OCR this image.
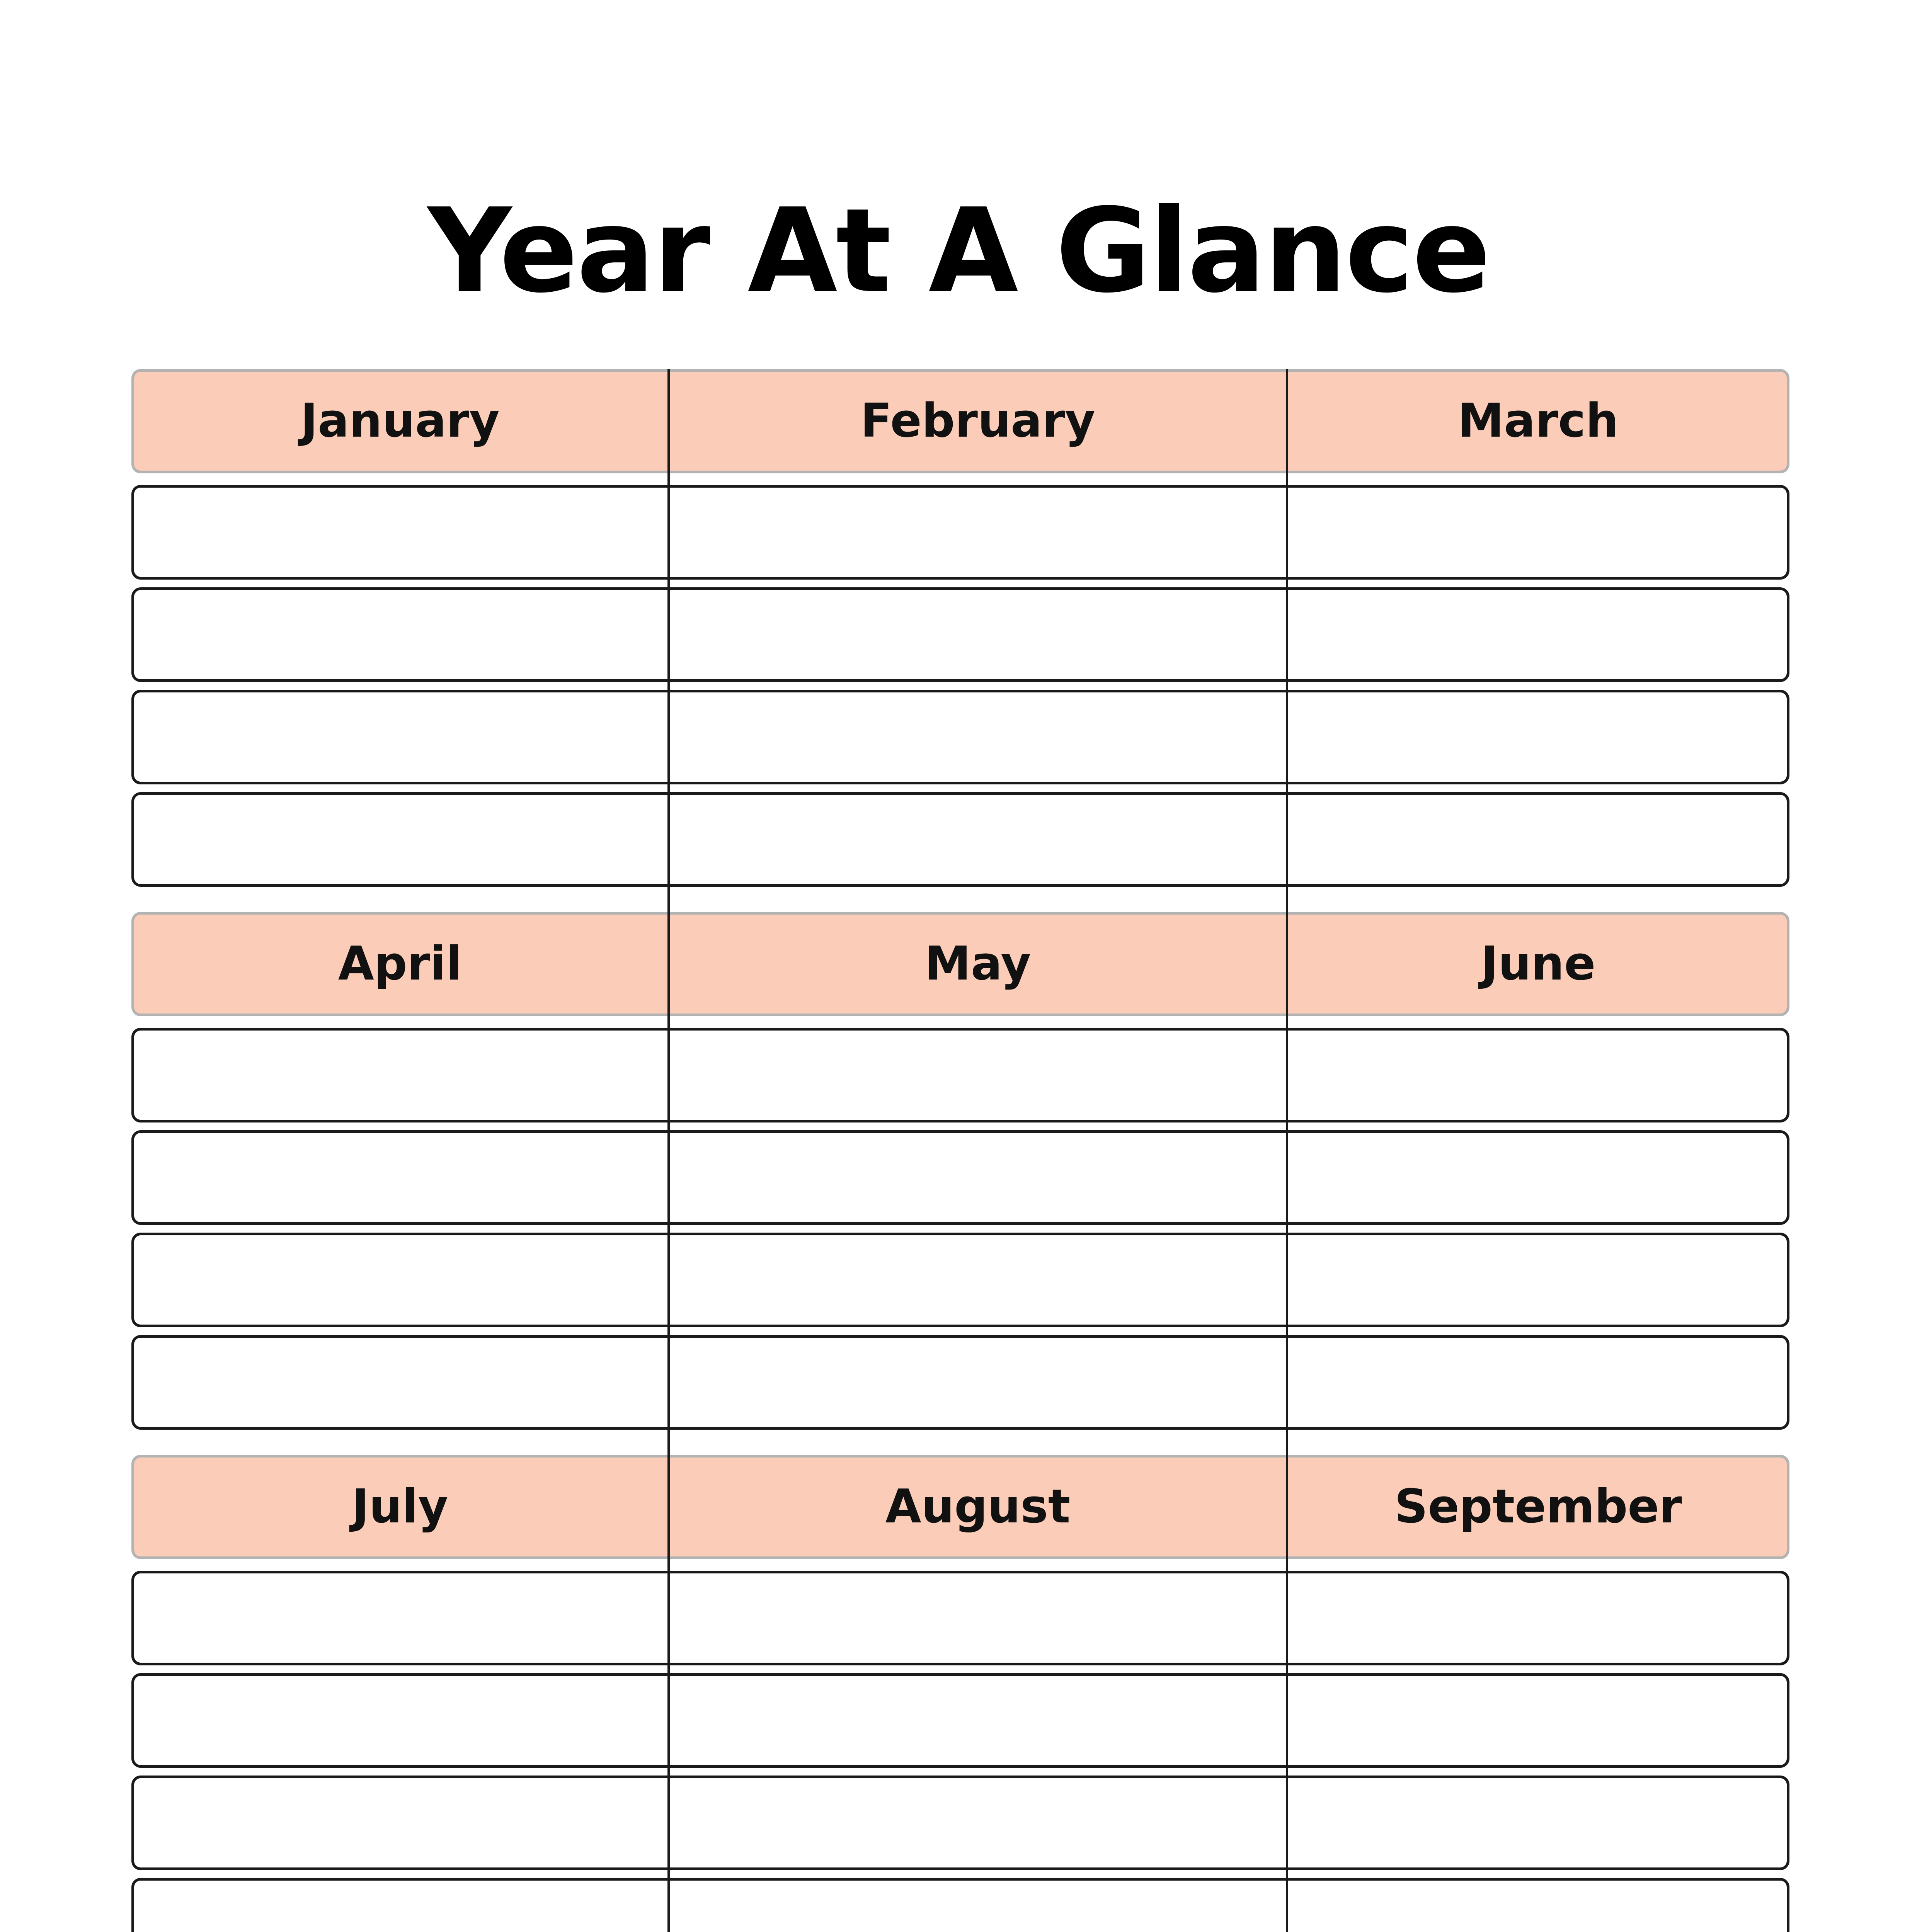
Year At A Glance
January	February	March
April	May	June
July	August	September
